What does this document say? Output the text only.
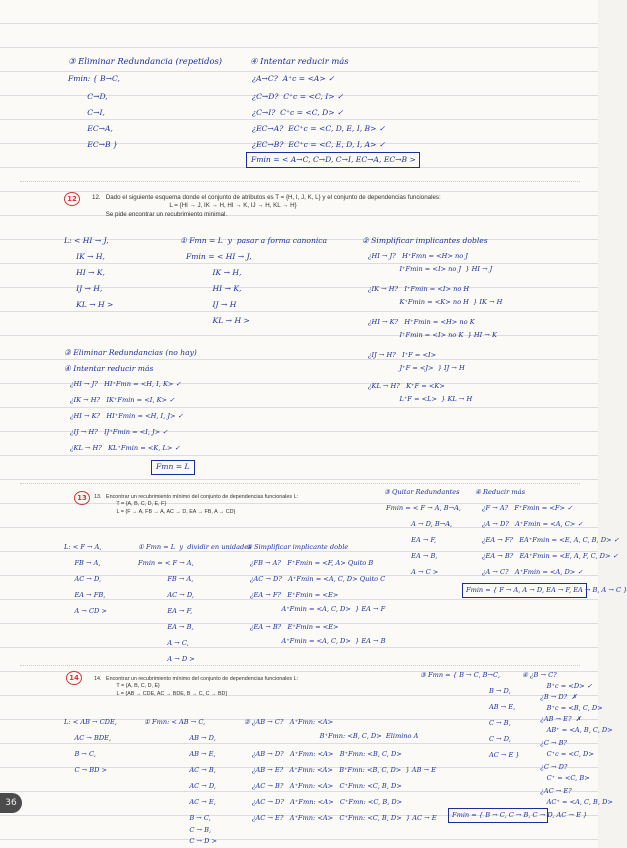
③ Eliminar Redundancia (repetidos)
Fmin: { B→C,
C→D,
C→I,
EC→A,
EC→B }
④ Intentar reducir más
¿A→C?  A⁺c = <A> ✓
¿C→D?  C⁺c = <C, I> ✓
¿C→I?  C⁺c = <C, D> ✓
¿EC→A?  EC⁺c = <C, D, E, I, B> ✓
¿EC→B?  EC⁺c = <C, E, D, I, A> ✓
Fmin = < A→C, C→D, C→I, EC→A, EC→B >
12	12.   Dado el siguiente esquema donde el conjunto de atributos es T = {H, I, J, K, L} y el conjunto de dependencias funcionales:
L = {HI → J, IK → H, HI → K, IJ → H, KL → H}
Se pide encontrar un recubrimiento minimal.
L: < HI → J,
IK → H,
HI → K,
IJ → H,
KL → H >
① Fmn = L  y  pasar a forma canonica
Fmin = < HI → J,
IK → H,
HI → K,
IJ → H
KL → H >
② Simplificar implicantes dobles
¿HI → J?   H⁺Fmn = <H> no J
I⁺Fmin = <I> no J  } HI → J
¿IK → H?   I⁺Fmin = <I> no H
K⁺Fmin = <K> no H  } IK → H
¿HI → K?   H⁺Fmin = <H> no K
I⁺Fmin = <I> no K  } HI → K
¿IJ → H?   I⁺F = <I>
J⁺F = <J>  } IJ → H
¿KL → H?   K⁺F = <K>
L⁺F = <L>  } KL → H
③ Eliminar Redundancias (no hay)
④ Intentar reducir más
¿HI → J?   HI⁺Fmn = <H, I, K> ✓
¿IK → H?   IK⁺Fmin = <I, K> ✓
¿HI → K?   HI⁺Fmin = <H, I, J> ✓
¿IJ → H?   IJ⁺Fmin = <I, J> ✓
¿KL → H?   KL⁺Fmin = <K, L> ✓
Fmn = L
13	13.   Encontrar un recubrimiento mínimo del conjunto de dependencias funcionales L:
T = {A, B, C, D, E, F}
L = {F → A, FB → A, AC → D, EA → FB, A → CD}
L: < F → A,
FB → A,
AC → D,
EA → FB,
A → CD >
① Fmn = L  y  dividir en unidades
Fmin = < F → A,
FB → A,
AC → D,
EA → F,
EA → B,
A → C,
A → D >
② Simplificar implicante doble
¿FB → A?   F⁺Fmin = <F, A> Quito B
¿AC → D?   A⁺Fmin = <A, C, D> Quito C
¿EA → F?   E⁺Fmin = <E>
A⁺Fmin = <A, C, D>  } EA → F
¿EA → B?   E⁺Fmin = <E>
A⁺Fmin = <A, C, D>  } EA → B
③ Quitar Redundantes
Fmin = < F → A, B→A̶,
A → D, B→A̶,
EA → F,
EA → B,
A → C >
④ Reducir más
¿F → A?   F⁺Fmin = <F> ✓
¿A → D?   A⁺Fmin = <A, C> ✓
¿EA → F?   EA⁺Fmin = <E, A, C, B, D> ✓
¿EA → B?   EA⁺Fmin = <E, A, F, C, D> ✓
¿A → C?   A⁺Fmin = <A, D> ✓
Fmin = { F → A, A → D, EA → F, EA → B, A → C }
14	14.   Encontrar un recubrimiento mínimo del conjunto de dependencias funcionales L:
T = {A, B, C, D, E}
L = {AB → CDE, AC → BDE, B → C, C → BD}
L: < AB → CDE,
AC → BDE,
B → C,
C → BD >
① Fmn: < AB → C,
AB → D,
AB → E,
AC → B,
AC → D,
AC → E,
B → C,
C → B,
C → D >
② ¿AB → C?   A⁺Fmn: <A>
B⁺Fmn: <B, C, D>  Elimino A
¿AB → D?   A⁺Fmn: <A>   B⁺Fmn: <B, C, D>
¿AB → E?   A⁺Fmn: <A>   B⁺Fmn: <B, C, D>  } AB → E
¿AC → B?   A⁺Fmn: <A>   C⁺Fmn: <C, B, D>
¿AC → D?   A⁺Fmn: <A>   C⁺Fmn: <C, B, D>
¿AC → E?   A⁺Fmn: <A>   C⁺Fmn: <C, B, D>  } AC → E
③ Fmn = { B → C, B→C,
B → D,
AB → E,
C → B,
C → D,
AC → E }
④ ¿B → C?
B⁺c = <D> ✓
¿B → D?  ✗
B⁺c = <B, C, D>
¿AB → E?  ✗
AB⁺ = <A, B, C, D>
¿C → B?
C⁺c = <C, D>
¿C → D?
C⁺ = <C, B>
¿AC → E?
AC⁺ = <A, C, B, D>
Fmin = { B → C, C → B, C → D, AC → E }
36
